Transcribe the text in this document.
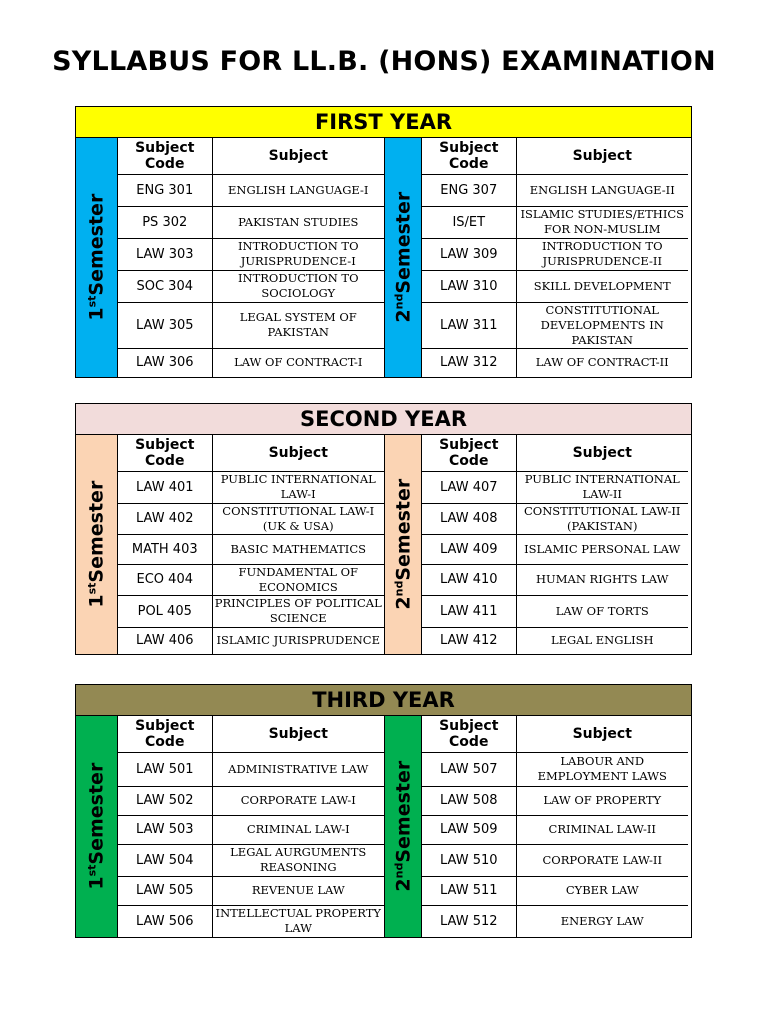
SYLLABUS FOR LL.B. (HONS) EXAMINATION
FIRST YEAR
1stSemester
Subject Code	Subject
ENG 301	ENGLISH LANGUAGE-I
PS 302	PAKISTAN STUDIES
LAW 303	INTRODUCTION TO JURISPRUDENCE-I
SOC 304	INTRODUCTION TO SOCIOLOGY
LAW 305	LEGAL SYSTEM OF PAKISTAN
LAW 306	LAW OF CONTRACT-I
2ndSemester
Subject Code	Subject
ENG 307	ENGLISH LANGUAGE-II
IS/ET	ISLAMIC STUDIES/ETHICS FOR NON-MUSLIM
LAW 309	INTRODUCTION TO JURISPRUDENCE-II
LAW 310	SKILL DEVELOPMENT
LAW 311	CONSTITUTIONAL DEVELOPMENTS IN PAKISTAN
LAW 312	LAW OF CONTRACT-II
SECOND YEAR
1stSemester
Subject Code	Subject
LAW 401	PUBLIC INTERNATIONAL LAW-I
LAW 402	CONSTITUTIONAL LAW-I (UK & USA)
MATH 403	BASIC MATHEMATICS
ECO 404	FUNDAMENTAL OF ECONOMICS
POL 405	PRINCIPLES OF POLITICAL SCIENCE
LAW 406	ISLAMIC JURISPRUDENCE
2ndSemester
Subject Code	Subject
LAW 407	PUBLIC INTERNATIONAL LAW-II
LAW 408	CONSTITUTIONAL LAW-II (PAKISTAN)
LAW 409	ISLAMIC PERSONAL LAW
LAW 410	HUMAN RIGHTS LAW
LAW 411	LAW OF TORTS
LAW 412	LEGAL ENGLISH
THIRD YEAR
1stSemester
Subject Code	Subject
LAW 501	ADMINISTRATIVE LAW
LAW 502	CORPORATE LAW-I
LAW 503	CRIMINAL LAW-I
LAW 504	LEGAL AURGUMENTS REASONING
LAW 505	REVENUE LAW
LAW 506	INTELLECTUAL PROPERTY LAW
2ndSemester
Subject Code	Subject
LAW 507	LABOUR AND EMPLOYMENT LAWS
LAW 508	LAW OF PROPERTY
LAW 509	CRIMINAL LAW-II
LAW 510	CORPORATE LAW-II
LAW 511	CYBER LAW
LAW 512	ENERGY LAW
